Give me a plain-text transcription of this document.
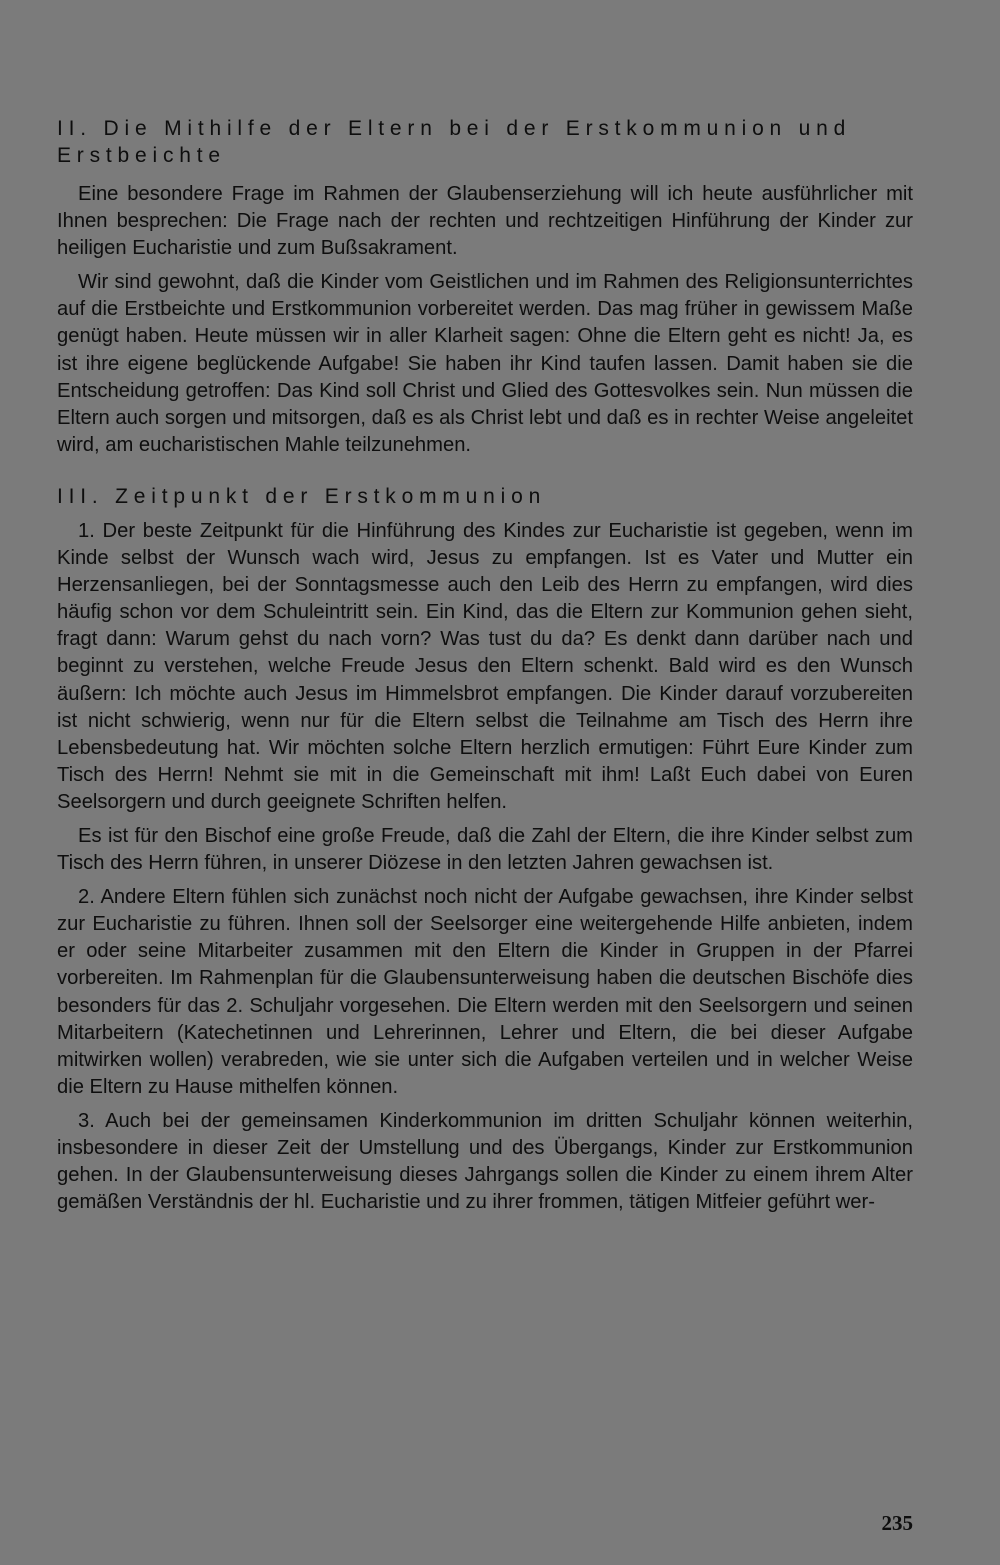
II. Die Mithilfe der Eltern bei der Erstkommunion und Erstbeichte

Eine besondere Frage im Rahmen der Glaubenserziehung will ich heute ausführlicher mit Ihnen besprechen: Die Frage nach der rechten und rechtzeitigen Hinführung der Kinder zur heiligen Eucharistie und zum Bußsakrament.

Wir sind gewohnt, daß die Kinder vom Geistlichen und im Rahmen des Religionsunterrichtes auf die Erstbeichte und Erstkommunion vorbereitet werden. Das mag früher in gewissem Maße genügt haben. Heute müssen wir in aller Klarheit sagen: Ohne die Eltern geht es nicht! Ja, es ist ihre eigene beglückende Aufgabe! Sie haben ihr Kind taufen lassen. Damit haben sie die Entscheidung getroffen: Das Kind soll Christ und Glied des Gottesvolkes sein. Nun müssen die Eltern auch sorgen und mitsorgen, daß es als Christ lebt und daß es in rechter Weise angeleitet wird, am eucharistischen Mahle teilzunehmen.

III. Zeitpunkt der Erstkommunion

1. Der beste Zeitpunkt für die Hinführung des Kindes zur Eucharistie ist gegeben, wenn im Kinde selbst der Wunsch wach wird, Jesus zu empfangen. Ist es Vater und Mutter ein Herzensanliegen, bei der Sonntagsmesse auch den Leib des Herrn zu empfangen, wird dies häufig schon vor dem Schuleintritt sein. Ein Kind, das die Eltern zur Kommunion gehen sieht, fragt dann: Warum gehst du nach vorn? Was tust du da? Es denkt dann darüber nach und beginnt zu verstehen, welche Freude Jesus den Eltern schenkt. Bald wird es den Wunsch äußern: Ich möchte auch Jesus im Himmelsbrot empfangen. Die Kinder darauf vorzubereiten ist nicht schwierig, wenn nur für die Eltern selbst die Teilnahme am Tisch des Herrn ihre Lebensbedeutung hat. Wir möchten solche Eltern herzlich ermutigen: Führt Eure Kinder zum Tisch des Herrn! Nehmt sie mit in die Gemeinschaft mit ihm! Laßt Euch dabei von Euren Seelsorgern und durch geeignete Schriften helfen.

Es ist für den Bischof eine große Freude, daß die Zahl der Eltern, die ihre Kinder selbst zum Tisch des Herrn führen, in unserer Diözese in den letzten Jahren gewachsen ist.

2. Andere Eltern fühlen sich zunächst noch nicht der Aufgabe gewachsen, ihre Kinder selbst zur Eucharistie zu führen. Ihnen soll der Seelsorger eine weitergehende Hilfe anbieten, indem er oder seine Mitarbeiter zusammen mit den Eltern die Kinder in Gruppen in der Pfarrei vorbereiten. Im Rahmenplan für die Glaubensunterweisung haben die deutschen Bischöfe dies besonders für das 2. Schuljahr vorgesehen. Die Eltern werden mit den Seelsorgern und seinen Mitarbeitern (Katechetinnen und Lehrerinnen, Lehrer und Eltern, die bei dieser Aufgabe mitwirken wollen) verabreden, wie sie unter sich die Aufgaben verteilen und in welcher Weise die Eltern zu Hause mithelfen können.

3. Auch bei der gemeinsamen Kinderkommunion im dritten Schuljahr können weiterhin, insbesondere in dieser Zeit der Umstellung und des Übergangs, Kinder zur Erstkommunion gehen. In der Glaubensunterweisung dieses Jahrgangs sollen die Kinder zu einem ihrem Alter gemäßen Verständnis der hl. Eucharistie und zu ihrer frommen, tätigen Mitfeier geführt wer-

235
